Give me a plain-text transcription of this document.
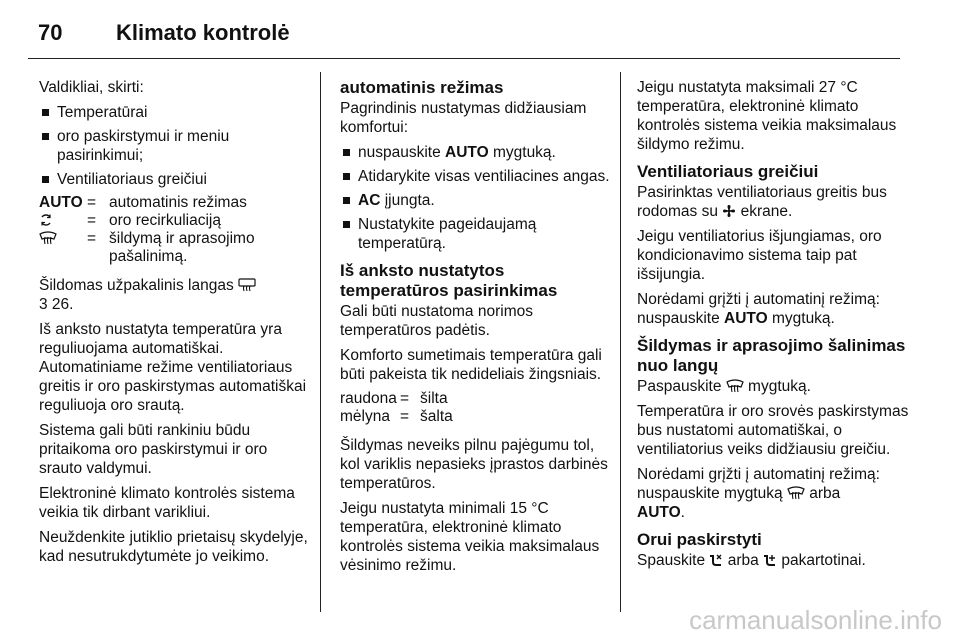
70 Klimato kontrolė

Valdikliai, skirti:

Temperatūrai
oro paskirstymui ir meniu pasirinkimui;
Ventiliatoriaus greičiui
AUTO	=	automatinis režimas
	=	oro recirkuliaciją
	=	šildymą ir aprasojimo pašalinimą.

Šildomas užpakalinis langas
3 26.

Iš anksto nustatyta temperatūra yra reguliuojama automatiškai. Automatiniame režime ventiliatoriaus greitis ir oro paskirstymas automatiškai reguliuoja oro srautą.

Sistema gali būti rankiniu būdu pritaikoma oro paskirstymui ir oro srauto valdymui.

Elektroninė klimato kontrolės sistema veikia tik dirbant varikliui.

Neuždenkite jutiklio prietaisų skydelyje, kad nesutrukdytumėte jo veikimo.

automatinis režimas

Pagrindinis nustatymas didžiausiam komfortui:

nuspauskite AUTO mygtuką.
Atidarykite visas ventiliacines angas.
AC įjungta.
Nustatykite pageidaujamą temperatūrą.
Iš anksto nustatytos temperatūros pasirinkimas

Gali būti nustatoma norimos temperatūros padėtis.

Komforto sumetimais temperatūra gali būti pakeista tik nedideliais žingsniais.

raudona	=	šilta
mėlyna	=	šalta

Šildymas neveiks pilnu pajėgumu tol, kol variklis nepasieks įprastos darbinės temperatūros.

Jeigu nustatyta minimali 15 °C temperatūra, elektroninė klimato kontrolės sistema veikia maksimalaus vėsinimo režimu.

Jeigu nustatyta maksimali 27 °C temperatūra, elektroninė klimato kontrolės sistema veikia maksimalaus šildymo režimu.

Ventiliatoriaus greičiui

Pasirinktas ventiliatoriaus greitis bus rodomas su  ekrane.

Jeigu ventiliatorius išjungiamas, oro kondicionavimo sistema taip pat išsijungia.

Norėdami grįžti į automatinį režimą: nuspauskite AUTO mygtuką.

Šildymas ir aprasojimo šalinimas nuo langų

Paspauskite  mygtuką.

Temperatūra ir oro srovės paskirstymas bus nustatomi automatiškai, o ventiliatorius veiks didžiausiu greičiu.

Norėdami grįžti į automatinį režimą: nuspauskite mygtuką  arba
AUTO.

Orui paskirstyti

Spauskite  arba  pakartotinai.

carmanualsonline.info
